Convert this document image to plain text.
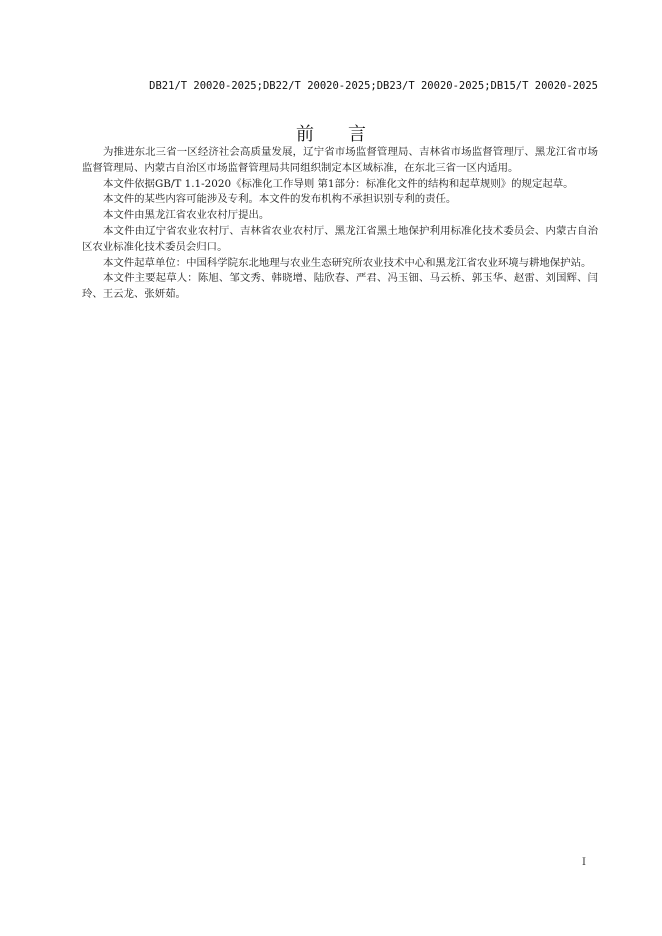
DB21/T 20020-2025;DB22/T 20020-2025;DB23/T 20020-2025;DB15/T 20020-2025
前言

为推进东北三省一区经济社会高质量发展，辽宁省市场监督管理局、吉林省市场监督管理厅、黑龙江省市场监督管理局、内蒙古自治区市场监督管理局共同组织制定本区域标准，在东北三省一区内适用。

本文件依据GB/T 1.1-2020《标准化工作导则 第1部分：标准化文件的结构和起草规则》的规定起草。

本文件的某些内容可能涉及专利。本文件的发布机构不承担识别专利的责任。

本文件由黑龙江省农业农村厅提出。

本文件由辽宁省农业农村厅、吉林省农业农村厅、黑龙江省黑土地保护利用标准化技术委员会、内蒙古自治区农业标准化技术委员会归口。

本文件起草单位：中国科学院东北地理与农业生态研究所农业技术中心和黑龙江省农业环境与耕地保护站。

本文件主要起草人：陈旭、邹文秀、韩晓增、陆欣春、严君、冯玉钿、马云桥、郭玉华、赵雷、刘国辉、闫玲、王云龙、张妍茹。

I
